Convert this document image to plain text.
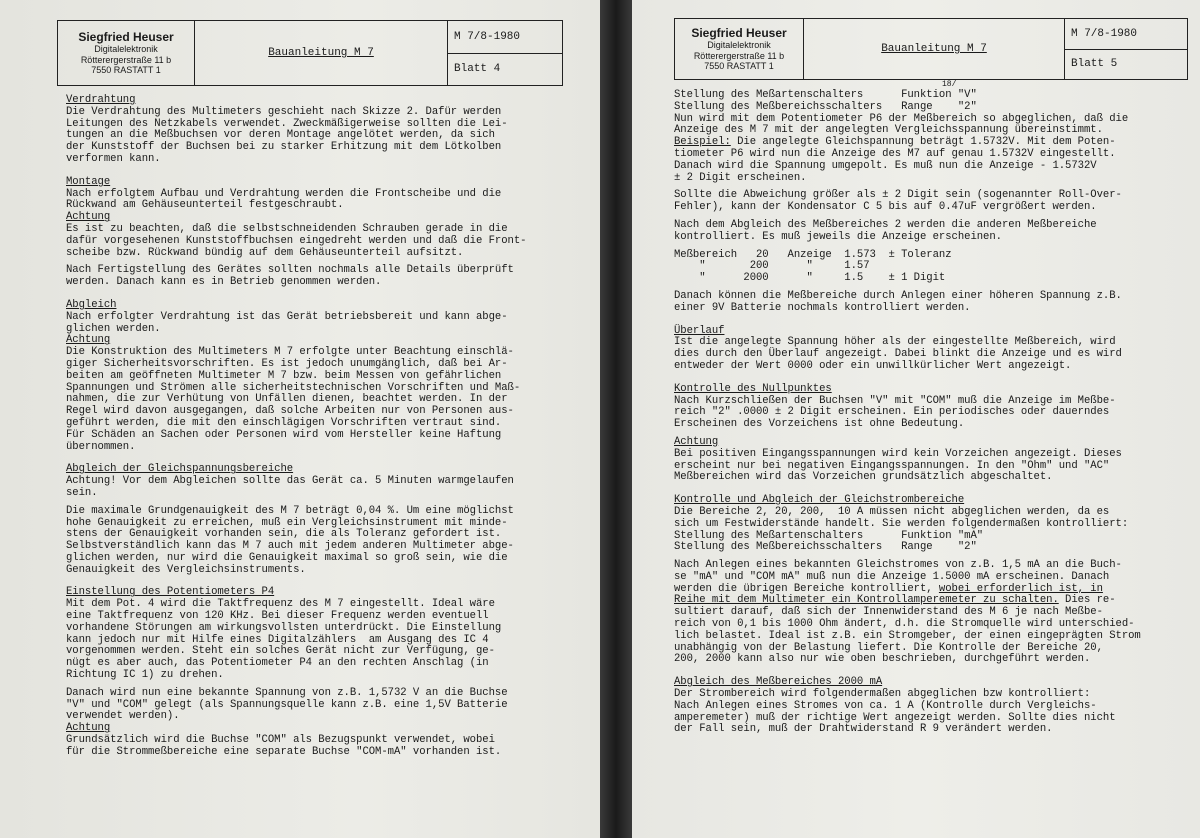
Siegfried Heuser
Digitalelektronik
Rötterergerstraße 11 b
7550 RASTATT 1
Bauanleitung M 7
M 7/8-1980
Blatt 4
Verdrahtung
Die Verdrahtung des Multimeters geschieht nach Skizze 2. Dafür werden
Leitungen des Netzkabels verwendet. Zweckmäßigerweise sollten die Lei-
tungen an die Meßbuchsen vor deren Montage angelötet werden, da sich
der Kunststoff der Buchsen bei zu starker Erhitzung mit dem Lötkolben
verformen kann.
Montage
Nach erfolgtem Aufbau und Verdrahtung werden die Frontscheibe und die
Rückwand am Gehäuseunterteil festgeschraubt.
Achtung
Es ist zu beachten, daß die selbstschneidenden Schrauben gerade in die
dafür vorgesehenen Kunststoffbuchsen eingedreht werden und daß die Front-
scheibe bzw. Rückwand bündig auf dem Gehäuseunterteil aufsitzt.
Nach Fertigstellung des Gerätes sollten nochmals alle Details überprüft
werden. Danach kann es in Betrieb genommen werden.
Abgleich
Nach erfolgter Verdrahtung ist das Gerät betriebsbereit und kann abge-
glichen werden.
Achtung
Die Konstruktion des Multimeters M 7 erfolgte unter Beachtung einschlä-
giger Sicherheitsvorschriften. Es ist jedoch unumgänglich, daß bei Ar-
beiten am geöffneten Multimeter M 7 bzw. beim Messen von gefährlichen
Spannungen und Strömen alle sicherheitstechnischen Vorschriften und Maß-
nahmen, die zur Verhütung von Unfällen dienen, beachtet werden. In der
Regel wird davon ausgegangen, daß solche Arbeiten nur von Personen aus-
geführt werden, die mit den einschlägigen Vorschriften vertraut sind.
Für Schäden an Sachen oder Personen wird vom Hersteller keine Haftung
übernommen.
Abgleich der Gleichspannungsbereiche
Achtung! Vor dem Abgleichen sollte das Gerät ca. 5 Minuten warmgelaufen
sein.
Die maximale Grundgenauigkeit des M 7 beträgt 0,04 %. Um eine möglichst
hohe Genauigkeit zu erreichen, muß ein Vergleichsinstrument mit minde-
stens der Genauigkeit vorhanden sein, die als Toleranz gefordert ist.
Selbstverständlich kann das M 7 auch mit jedem anderen Multimeter abge-
glichen werden, nur wird die Genauigkeit maximal so groß sein, wie die
Genauigkeit des Vergleichsinstruments.
Einstellung des Potentiometers P4
Mit dem Pot. 4 wird die Taktfrequenz des M 7 eingestellt. Ideal wäre
eine Taktfrequenz von 120 KHz. Bei dieser Frequenz werden eventuell
vorhandene Störungen am wirkungsvollsten unterdrückt. Die Einstellung
kann jedoch nur mit Hilfe eines Digitalzählers  am Ausgang des IC 4
vorgenommen werden. Steht ein solches Gerät nicht zur Verfügung, ge-
nügt es aber auch, das Potentiometer P4 an den rechten Anschlag (in
Richtung IC 1) zu drehen.
Danach wird nun eine bekannte Spannung von z.B. 1,5732 V an die Buchse
"V" und "COM" gelegt (als Spannungsquelle kann z.B. eine 1,5V Batterie
verwendet werden).
Achtung
Grundsätzlich wird die Buchse "COM" als Bezugspunkt verwendet, wobei
für die Strommeßbereiche eine separate Buchse "COM-mA" vorhanden ist.
Siegfried Heuser
Digitalelektronik
Rötterergerstraße 11 b
7550 RASTATT 1
Bauanleitung M 7
M 7/8-1980
Blatt 5
18/
Stellung des Meßartenschalters      Funktion "V"
Stellung des Meßbereichsschalters   Range    "2"
Nun wird mit dem Potentiometer P6 der Meßbereich so abgeglichen, daß die
Anzeige des M 7 mit der angelegten Vergleichsspannung übereinstimmt.
Beispiel: Die angelegte Gleichspannung beträgt 1.5732V. Mit dem Poten-
tiometer P6 wird nun die Anzeige des M7 auf genau 1.5732V eingestellt.
Danach wird die Spannung umgepolt. Es muß nun die Anzeige - 1.5732V
± 2 Digit erscheinen.
Sollte die Abweichung größer als ± 2 Digit sein (sogenannter Roll-Over-
Fehler), kann der Kondensator C 5 bis auf 0.47uF vergrößert werden.
Nach dem Abgleich des Meßbereiches 2 werden die anderen Meßbereiche
kontrolliert. Es muß jeweils die Anzeige erscheinen.
Meßbereich   20   Anzeige  1.573  ± Toleranz
"       200      "     1.57
"      2000      "     1.5    ± 1 Digit
Danach können die Meßbereiche durch Anlegen einer höheren Spannung z.B.
einer 9V Batterie nochmals kontrolliert werden.
Überlauf
Ist die angelegte Spannung höher als der eingestellte Meßbereich, wird
dies durch den Überlauf angezeigt. Dabei blinkt die Anzeige und es wird
entweder der Wert 0000 oder ein unwillkürlicher Wert angezeigt.
Kontrolle des Nullpunktes
Nach Kurzschließen der Buchsen "V" mit "COM" muß die Anzeige im Meßbe-
reich "2" .0000 ± 2 Digit erscheinen. Ein periodisches oder dauerndes
Erscheinen des Vorzeichens ist ohne Bedeutung.
Achtung
Bei positiven Eingangsspannungen wird kein Vorzeichen angezeigt. Dieses
erscheint nur bei negativen Eingangsspannungen. In den "Ohm" und "AC"
Meßbereichen wird das Vorzeichen grundsätzlich abgeschaltet.
Kontrolle und Abgleich der Gleichstrombereiche
Die Bereiche 2, 20, 200,  10 A müssen nicht abgeglichen werden, da es
sich um Festwiderstände handelt. Sie werden folgendermaßen kontrolliert:
Stellung des Meßartenschalters      Funktion "mA"
Stellung des Meßbereichsschalters   Range    "2"
Nach Anlegen eines bekannten Gleichstromes von z.B. 1,5 mA an die Buch-
se "mA" und "COM mA" muß nun die Anzeige 1.5000 mA erscheinen. Danach
werden die übrigen Bereiche kontrolliert, wobei erforderlich ist, in
Reihe mit dem Multimeter ein Kontrollamperemeter zu schalten. Dies re-
sultiert darauf, daß sich der Innenwiderstand des M 6 je nach Meßbe-
reich von 0,1 bis 1000 Ohm ändert, d.h. die Stromquelle wird unterschied-
lich belastet. Ideal ist z.B. ein Stromgeber, der einen eingeprägten Strom
unabhängig von der Belastung liefert. Die Kontrolle der Bereiche 20,
200, 2000 kann also nur wie oben beschrieben, durchgeführt werden.
Abgleich des Meßbereiches 2000 mA
Der Strombereich wird folgendermaßen abgeglichen bzw kontrolliert:
Nach Anlegen eines Stromes von ca. 1 A (Kontrolle durch Vergleichs-
amperemeter) muß der richtige Wert angezeigt werden. Sollte dies nicht
der Fall sein, muß der Drahtwiderstand R 9 verändert werden.
